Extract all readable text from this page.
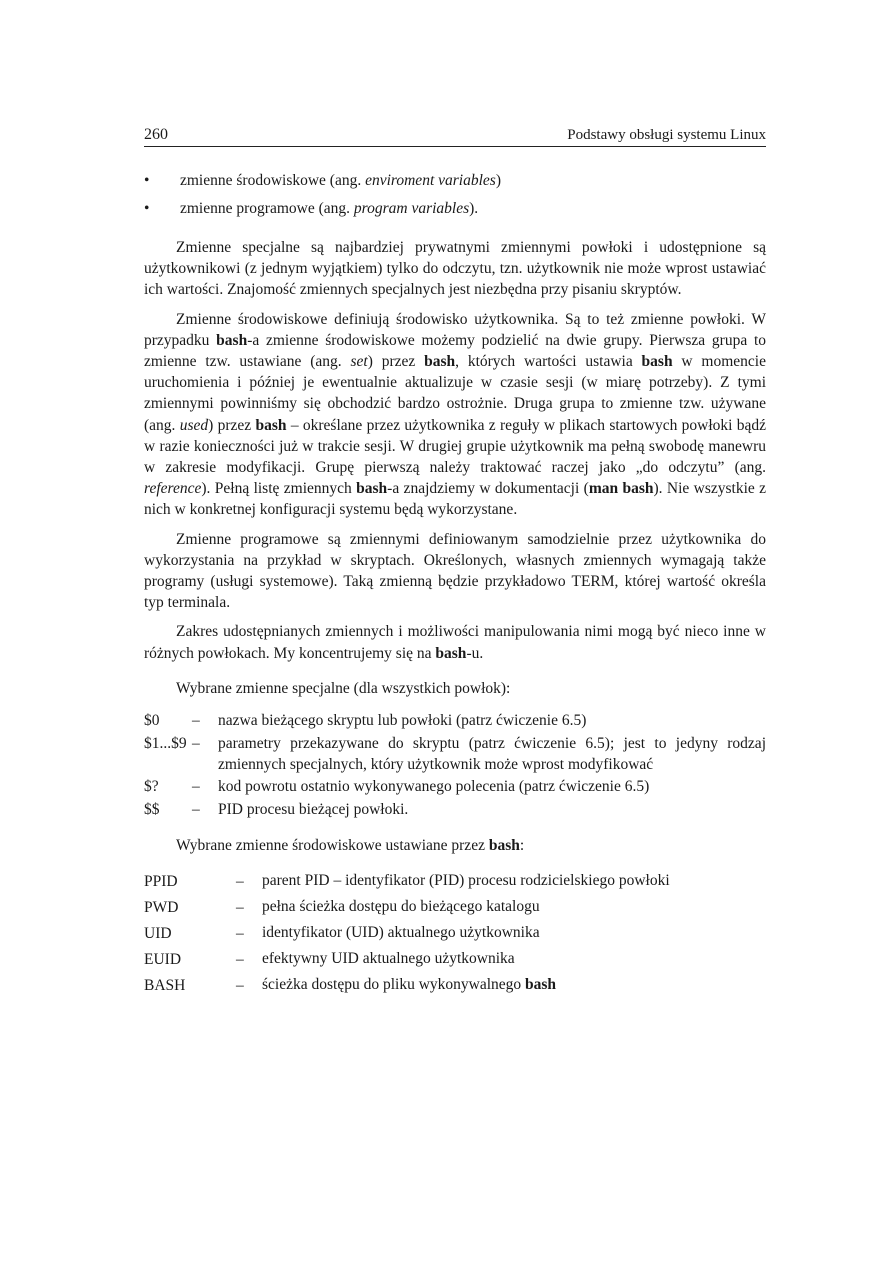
260	Podstawy obsługi systemu Linux
• zmienne środowiskowe (ang. enviroment variables)
• zmienne programowe (ang. program variables).

Zmienne specjalne są najbardziej prywatnymi zmiennymi powłoki i udostępnione są użytkownikowi (z jednym wyjątkiem) tylko do odczytu, tzn. użytkownik nie może wprost ustawiać ich wartości. Znajomość zmiennych specjalnych jest niezbędna przy pisaniu skryptów.

Zmienne środowiskowe definiują środowisko użytkownika. Są to też zmienne powłoki. W przypadku bash-a zmienne środowiskowe możemy podzielić na dwie grupy. Pierwsza grupa to zmienne tzw. ustawiane (ang. set) przez bash, których wartości ustawia bash w momencie uruchomienia i później je ewentualnie aktualizuje w czasie sesji (w miarę potrzeby). Z tymi zmiennymi powinniśmy się obchodzić bardzo ostrożnie. Druga grupa to zmienne tzw. używane (ang. used) przez bash – określane przez użytkownika z reguły w plikach startowych powłoki bądź w razie konieczności już w trakcie sesji. W drugiej grupie użytkownik ma pełną swobodę manewru w zakresie modyfikacji. Grupę pierwszą należy traktować raczej jako „do odczytu” (ang. reference). Pełną listę zmiennych bash-a znajdziemy w dokumentacji (man bash). Nie wszystkie z nich w konkretnej konfiguracji systemu będą wykorzystane.

Zmienne programowe są zmiennymi definiowanym samodzielnie przez użytkownika do wykorzystania na przykład w skryptach. Określonych, własnych zmiennych wymagają także programy (usługi systemowe). Taką zmienną będzie przykładowo TERM, której wartość określa typ terminala.

Zakres udostępnianych zmiennych i możliwości manipulowania nimi mogą być nieco inne w różnych powłokach. My koncentrujemy się na bash-u.

Wybrane zmienne specjalne (dla wszystkich powłok):

$0	–	nazwa bieżącego skryptu lub powłoki (patrz ćwiczenie 6.5)
$1...$9 –	parametry przekazywane do skryptu (patrz ćwiczenie 6.5); jest to jedyny rodzaj zmiennych specjalnych, który użytkownik może wprost modyfikować
$?	–	kod powrotu ostatnio wykonywanego polecenia (patrz ćwiczenie 6.5)
$$	–	PID procesu bieżącej powłoki.

Wybrane zmienne środowiskowe ustawiane przez bash:

PPID	–	parent PID – identyfikator (PID) procesu rodzicielskiego powłoki
PWD	–	pełna ścieżka dostępu do bieżącego katalogu
UID	–	identyfikator (UID) aktualnego użytkownika
EUID	–	efektywny UID aktualnego użytkownika
BASH	–	ścieżka dostępu do pliku wykonywalnego bash
